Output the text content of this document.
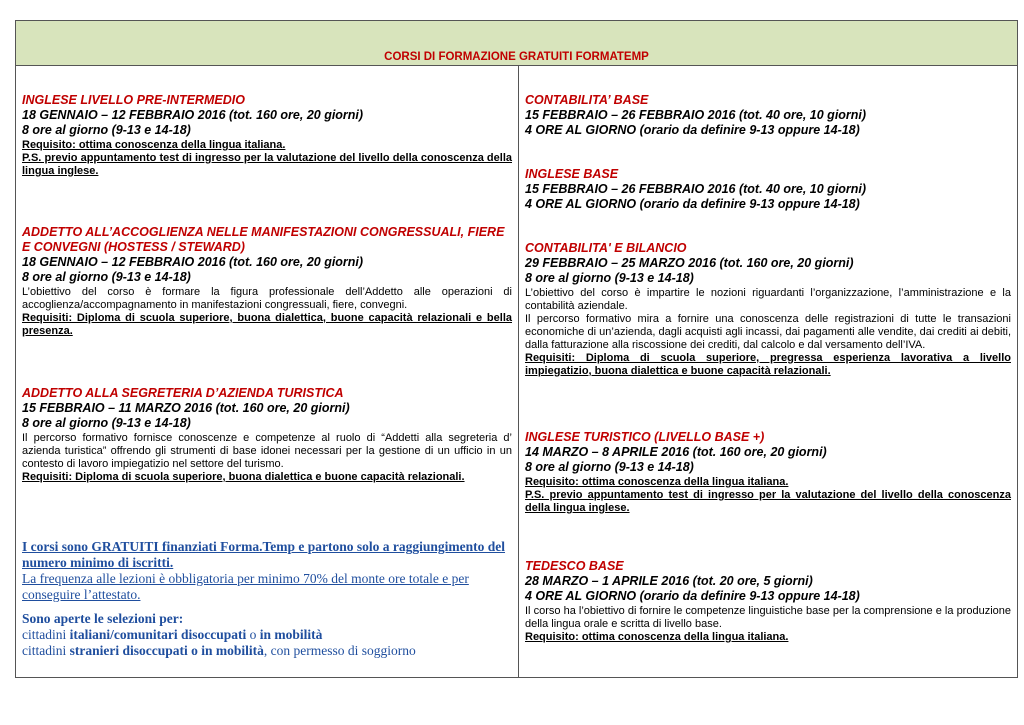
CORSI DI FORMAZIONE GRATUITI FORMATEMP
INGLESE LIVELLO PRE-INTERMEDIO
18 GENNAIO – 12 FEBBRAIO 2016 (tot. 160 ore, 20 giorni)
8 ore al giorno (9-13 e 14-18)
Requisito: ottima conoscenza della lingua italiana.
P.S. previo appuntamento test di ingresso per la valutazione del livello della conoscenza della lingua inglese.
ADDETTO ALL’ACCOGLIENZA NELLE MANIFESTAZIONI CONGRESSUALI, FIERE E CONVEGNI (HOSTESS / STEWARD)
18 GENNAIO – 12 FEBBRAIO 2016 (tot. 160 ore, 20 giorni)
8 ore al giorno (9-13 e 14-18)
L’obiettivo del corso è formare la figura professionale dell’Addetto alle operazioni di accoglienza/accompagnamento in manifestazioni congressuali, fiere, convegni.
Requisiti: Diploma di scuola superiore, buona dialettica, buone capacità relazionali e bella presenza.
ADDETTO ALLA SEGRETERIA D’AZIENDA TURISTICA
15 FEBBRAIO – 11 MARZO 2016 (tot. 160 ore, 20 giorni)
8 ore al giorno (9-13 e 14-18)
Il percorso formativo fornisce conoscenze e competenze al ruolo di “Addetti alla segreteria d’ azienda turistica” offrendo gli strumenti di base idonei necessari per la gestione di un ufficio in un contesto di lavoro impiegatizio nel settore del turismo.
Requisiti: Diploma di scuola superiore, buona dialettica e buone capacità relazionali.
I corsi sono GRATUITI finanziati Forma.Temp e partono solo a raggiungimento del numero minimo di iscritti.
La frequenza alle lezioni è obbligatoria per minimo 70% del monte ore totale e per conseguire l’attestato.
Sono aperte le selezioni per:
cittadini italiani/comunitari disoccupati o in mobilità
cittadini stranieri disoccupati o in mobilità, con permesso di soggiorno
CONTABILITA’ BASE
15 FEBBRAIO – 26 FEBBRAIO 2016 (tot. 40 ore, 10 giorni)
4 ORE AL GIORNO (orario da definire 9-13 oppure 14-18)
INGLESE BASE
15 FEBBRAIO – 26 FEBBRAIO 2016 (tot. 40 ore, 10 giorni)
4 ORE AL GIORNO (orario da definire 9-13 oppure 14-18)
CONTABILITA' E BILANCIO
29 FEBBRAIO – 25 MARZO 2016 (tot. 160 ore, 20 giorni)
8 ore al giorno (9-13 e 14-18)
L’obiettivo del corso è impartire le nozioni riguardanti l’organizzazione, l’amministrazione e la contabilità aziendale.
Il percorso formativo mira a fornire una conoscenza delle registrazioni di tutte le transazioni economiche di un’azienda, dagli acquisti agli incassi, dai pagamenti alle vendite, dai crediti ai debiti, dalla fatturazione alla riscossione dei crediti, dal calcolo e dal versamento dell’IVA.
Requisiti: Diploma di scuola superiore, pregressa esperienza lavorativa a livello impiegatizio, buona dialettica e buone capacità relazionali.
INGLESE TURISTICO (LIVELLO BASE +)
14 MARZO – 8 APRILE 2016 (tot. 160 ore, 20 giorni)
8 ore al giorno (9-13 e 14-18)
Requisito: ottima conoscenza della lingua italiana.
P.S. previo appuntamento test di ingresso per la valutazione del livello della conoscenza della lingua inglese.
TEDESCO BASE
28 MARZO – 1 APRILE 2016 (tot. 20 ore, 5 giorni)
4 ORE AL GIORNO (orario da definire 9-13 oppure 14-18)
Il corso ha l’obiettivo di fornire le competenze linguistiche base per la comprensione e la produzione della lingua orale e scritta di livello base.
Requisito: ottima conoscenza della lingua italiana.
